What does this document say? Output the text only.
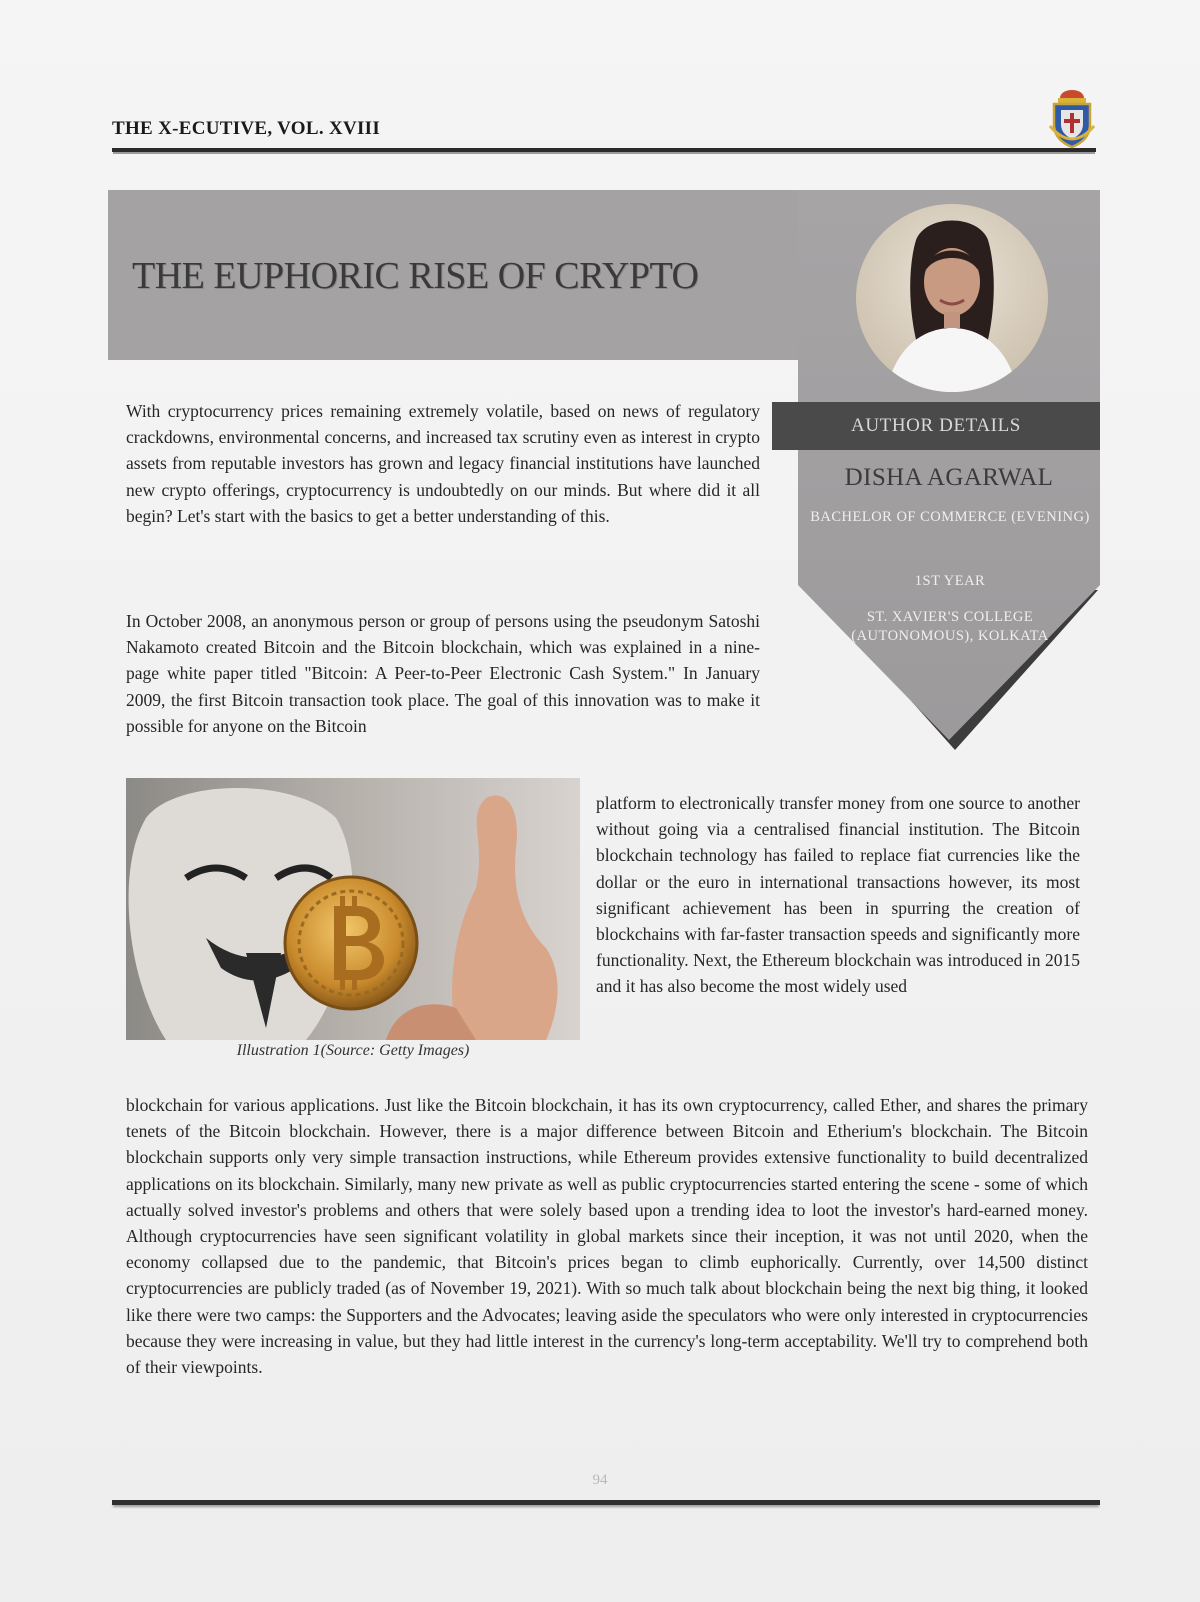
THE X-ECUTIVE, VOL. XVIII
THE EUPHORIC RISE OF CRYPTO
AUTHOR DETAILS
DISHA AGARWAL
BACHELOR OF COMMERCE (EVENING)
1ST YEAR
ST. XAVIER'S COLLEGE (AUTONOMOUS), KOLKATA
With cryptocurrency prices remaining extremely volatile, based on news of regulatory crackdowns, environmental concerns, and increased tax scrutiny even as interest in crypto assets from reputable investors has grown and legacy financial institutions have launched new crypto offerings, cryptocurrency is undoubtedly on our minds. But where did it all begin? Let's start with the basics to get a better understanding of this.
In October 2008, an anonymous person or group of persons using the pseudonym Satoshi Nakamoto created Bitcoin and the Bitcoin blockchain, which was explained in a nine-page white paper titled "Bitcoin: A Peer-to-Peer Electronic Cash System." In January 2009, the first Bitcoin transaction took place. The goal of this innovation was to make it possible for anyone on the Bitcoin
Illustration 1(Source: Getty Images)
platform to electronically transfer money from one source to another without going via a centralised financial institution. The Bitcoin blockchain technology has failed to replace fiat currencies like the dollar or the euro in international transactions however, its most significant achievement has been in spurring the creation of blockchains with far-faster transaction speeds and significantly more functionality. Next, the Ethereum blockchain was introduced in 2015 and it has also become the most widely used
blockchain for various applications. Just like the Bitcoin blockchain, it has its own cryptocurrency, called Ether, and shares the primary tenets of the Bitcoin blockchain. However, there is a major difference between Bitcoin and Etherium's blockchain. The Bitcoin blockchain supports only very simple transaction instructions, while Ethereum provides extensive functionality to build decentralized applications on its blockchain. Similarly, many new private as well as public cryptocurrencies started entering the scene - some of which actually solved investor's problems and others that were solely based upon a trending idea to loot the investor's hard-earned money. Although cryptocurrencies have seen significant volatility in global markets since their inception, it was not until 2020, when the economy collapsed due to the pandemic, that Bitcoin's prices began to climb euphorically. Currently, over 14,500 distinct cryptocurrencies are publicly traded (as of November 19, 2021). With so much talk about blockchain being the next big thing, it looked like there were two camps: the Supporters and the Advocates; leaving aside the speculators who were only interested in cryptocurrencies because they were increasing in value, but they had little interest in the currency's long-term acceptability. We'll try to comprehend both of their viewpoints.
94
